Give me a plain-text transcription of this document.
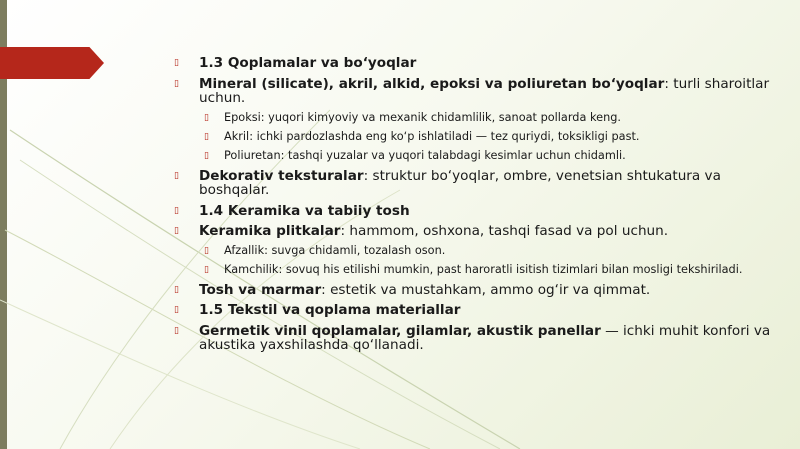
▯ 1.3 Qoplamalar va bo‘yoqlar
▯ Mineral (silicate), akril, alkid, epoksi va poliuretan bo‘yoqlar: turli sharoitlar uchun.
▯ Epoksi: yuqori kimyoviy va mexanik chidamlilik, sanoat pollarda keng.
▯ Akril: ichki pardozlashda eng ko‘p ishlatiladi — tez quriydi, toksikligi past.
▯ Poliuretan: tashqi yuzalar va yuqori talabdagi kesimlar uchun chidamli.
▯ Dekorativ teksturalar: struktur bo‘yoqlar, ombre, venetsian shtukatura va boshqalar.
▯ 1.4 Keramika va tabiiy tosh
▯ Keramika plitkalar: hammom, oshxona, tashqi fasad va pol uchun.
▯ Afzallik: suvga chidamli, tozalash oson.
▯ Kamchilik: sovuq his etilishi mumkin, past haroratli isitish tizimlari bilan mosligi tekshiriladi.
▯ Tosh va marmar: estetik va mustahkam, ammo og‘ir va qimmat.
▯ 1.5 Tekstil va qoplama materiallar
▯ Germetik vinil qoplamalar, gilamlar, akustik panellar — ichki muhit konfori va akustika yaxshilashda qo‘llanadi.
